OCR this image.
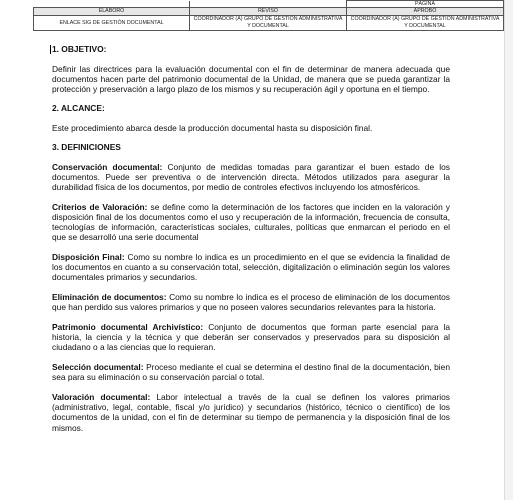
		PÁGINA
ELABORÓ	REVISÓ	APROBÓ
ENLACE SIG DE GESTIÓN DOCUMENTAL	COORDINADOR (A) GRUPO DE GESTIÓN ADMINISTRATIVA Y DOCUMENTAL	COORDINADOR (A) GRUPO DE GESTIÓN ADMINISTRATIVA Y DOCUMENTAL
1. OBJETIVO:

Definir las directrices para la evaluación documental con el fin de determinar de manera adecuada que documentos hacen parte del patrimonio documental de la Unidad, de manera que se pueda garantizar la protección y preservación a largo plazo de los mismos y su recuperación ágil y oportuna en el tiempo.

2. ALCANCE:

Este procedimiento abarca desde la producción documental hasta su disposición final.

3. DEFINICIONES

Conservación documental: Conjunto de medidas tomadas para garantizar el buen estado de los documentos. Puede ser preventiva o de intervención directa. Métodos utilizados para asegurar la durabilidad física de los documentos, por medio de controles efectivos incluyendo los atmosféricos.

Criterios de Valoración: se define como la determinación de los factores que inciden en la valoración y disposición final de los documentos como el uso y recuperación de la información, frecuencia de consulta, tecnologías de información, características sociales, culturales, políticas que enmarcan el periodo en el que se desarrolló una serie documental

Disposición Final: Como su nombre lo indica es un procedimiento en el que se evidencia la finalidad de los documentos en cuanto a su conservación total, selección, digitalización o eliminación según los valores documentales primarios y secundarios.

Eliminación de documentos: Como su nombre lo indica es el proceso de eliminación de los documentos que han perdido sus valores primarios y que no poseen valores secundarios relevantes para la historia.

Patrimonio documental Archivístico: Conjunto de documentos que forman parte esencial para la historia, la ciencia y la técnica y que deberán ser conservados y preservados para su disposición al ciudadano o a las ciencias que lo requieran.

Selección documental: Proceso mediante el cual se determina el destino final de la documentación, bien sea para su eliminación o su conservación parcial o total.

Valoración documental: Labor intelectual a través de la cual se definen los valores primarios (administrativo, legal, contable, fiscal y/o jurídico) y secundarios (histórico, técnico o científico) de los documentos de la unidad, con el fin de determinar su tiempo de permanencia y la disposición final de los mismos.
